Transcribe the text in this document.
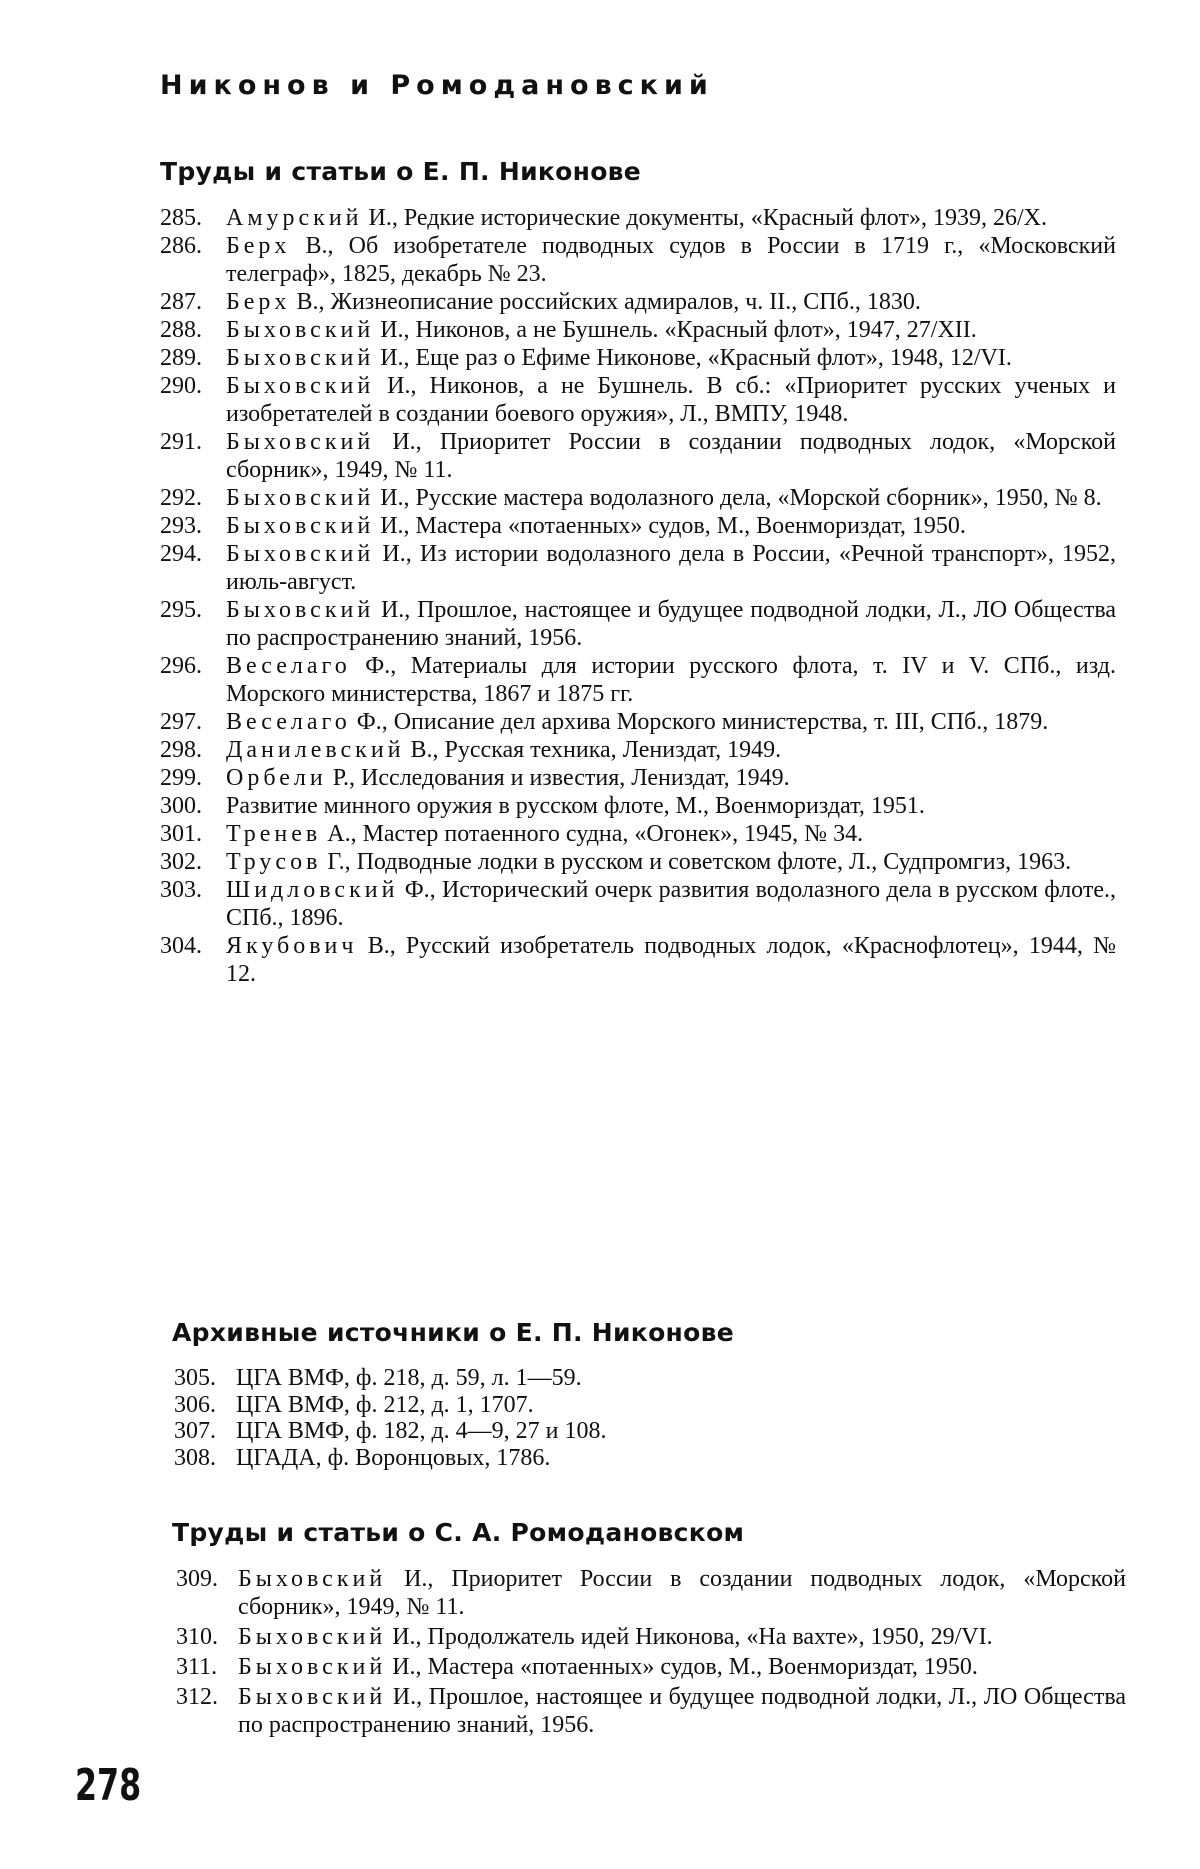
Никонов и Ромодановский
Труды и статьи о Е. П. Никонове
285. Амурский И., Редкие исторические документы, «Красный флот», 1939, 26/Х.
286. Берх В., Об изобретателе подводных судов в России в 1719 г., «Московский телеграф», 1825, декабрь № 23.
287. Берх В., Жизнеописание российских адмиралов, ч. II., СПб., 1830.
288. Быховский И., Никонов, а не Бушнель. «Красный флот», 1947, 27/XII.
289. Быховский И., Еще раз о Ефиме Никонове, «Красный флот», 1948, 12/VI.
290. Быховский И., Никонов, а не Бушнель. В сб.: «Приоритет русских ученых и изобретателей в создании боевого оружия», Л., ВМПУ, 1948.
291. Быховский И., Приоритет России в создании подводных лодок, «Морской сборник», 1949, № 11.
292. Быховский И., Русские мастера водолазного дела, «Морской сборник», 1950, № 8.
293. Быховский И., Мастера «потаенных» судов, М., Военмориздат, 1950.
294. Быховский И., Из истории водолазного дела в России, «Речной транспорт», 1952, июль-август.
295. Быховский И., Прошлое, настоящее и будущее подводной лодки, Л., ЛО Общества по распространению знаний, 1956.
296. Веселаго Ф., Материалы для истории русского флота, т. IV и V. СПб., изд. Морского министерства, 1867 и 1875 гг.
297. Веселаго Ф., Описание дел архива Морского министерства, т. III, СПб., 1879.
298. Данилевский В., Русская техника, Лениздат, 1949.
299. Орбели Р., Исследования и известия, Лениздат, 1949.
300. Развитие минного оружия в русском флоте, М., Военмориздат, 1951.
301. Тренев А., Мастер потаенного судна, «Огонек», 1945, № 34.
302. Трусов Г., Подводные лодки в русском и советском флоте, Л., Судпромгиз, 1963.
303. Шидловский Ф., Исторический очерк развития водолазного дела в русском флоте., СПб., 1896.
304. Якубович В., Русский изобретатель подводных лодок, «Краснофлотец», 1944, № 12.
Архивные источники о Е. П. Никонове
305. ЦГА ВМФ, ф. 218, д. 59, л. 1—59.
306. ЦГА ВМФ, ф. 212, д. 1, 1707.
307. ЦГА ВМФ, ф. 182, д. 4—9, 27 и 108.
308. ЦГАДА, ф. Воронцовых, 1786.
Труды и статьи о С. А. Ромодановском
309. Быховский И., Приоритет России в создании подводных лодок, «Морской сборник», 1949, № 11.
310. Быховский И., Продолжатель идей Никонова, «На вахте», 1950, 29/VI.
311. Быховский И., Мастера «потаенных» судов, М., Военмориздат, 1950.
312. Быховский И., Прошлое, настоящее и будущее подводной лодки, Л., ЛО Общества по распространению знаний, 1956.
278
